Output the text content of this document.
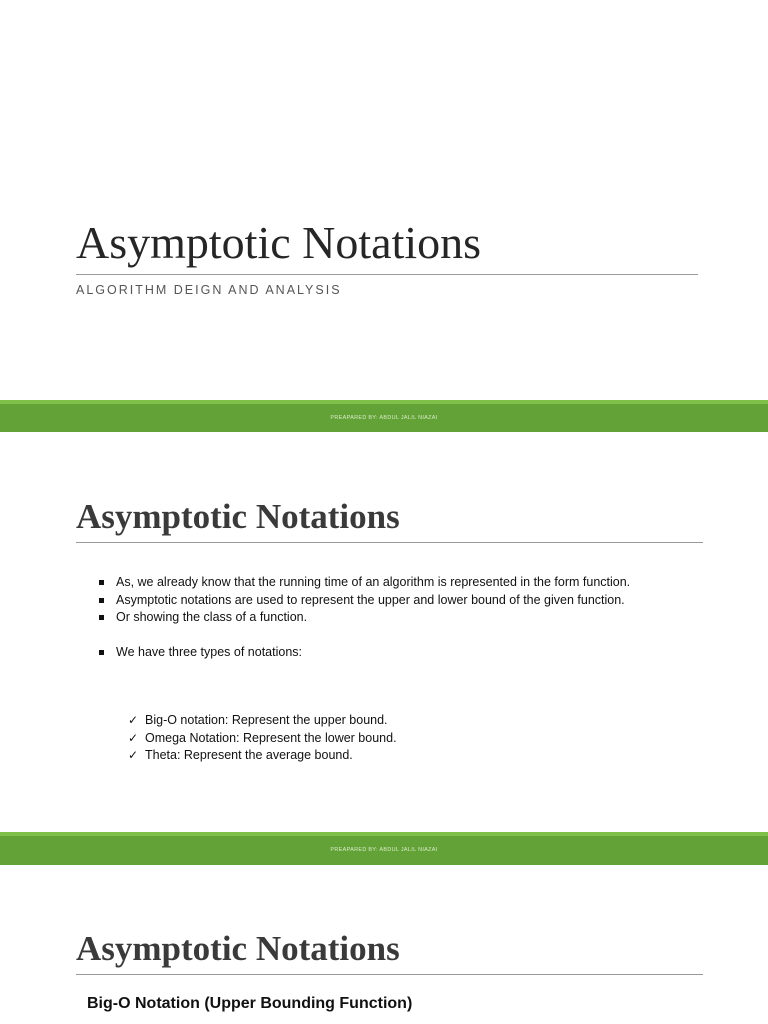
Asymptotic Notations
ALGORITHM DEIGN AND ANALYSIS
PREAPARED BY: ABDUL JALIL NIAZAI
Asymptotic Notations
As, we already know that the running time of an algorithm is represented in the form function.
Asymptotic notations are used to represent the upper and lower bound of the given function.
Or showing the class of a function.
We have three types of notations:
✓ Big-O notation: Represent the upper bound.
✓ Omega Notation: Represent the lower bound.
✓ Theta: Represent the average bound.
PREAPARED BY: ABDUL JALIL NIAZAI
Asymptotic Notations
Big-O Notation (Upper Bounding Function)
